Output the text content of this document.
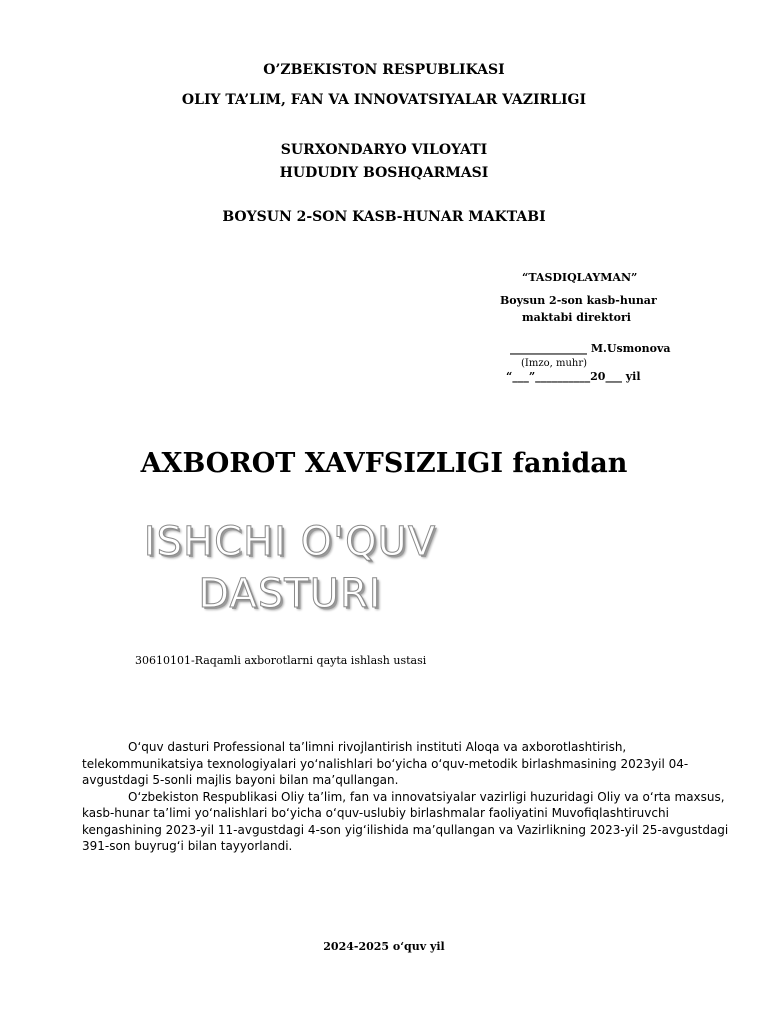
O’ZBEKISTON RESPUBLIKASI
OLIY TA’LIM, FAN VA INNOVATSIYALAR VAZIRLIGI
SURXONDARYO VILOYATI
HUDUDIY BOSHQARMASI
BOYSUN 2-SON KASB-HUNAR MAKTABI
“TASDIQLAYMAN”
Boysun 2-son kasb-hunar
maktabi direktori
______________ M.Usmonova
(Imzo, muhr)
“___”__________20___ yil
AXBOROT XAVFSIZLIGI fanidan
ISHCHI O'QUV
DASTURI
30610101-Raqamli axborotlarni qayta ishlash ustasi

O‘quv dasturi Professional ta’limni rivojlantirish instituti Aloqa va axborotlashtirish, telekommunikatsiya texnologiyalari yo‘nalishlari bo‘yicha o‘quv-metodik birlashmasining 2023yil 04-avgustdagi 5-sonli majlis bayoni bilan ma’qullangan.

O‘zbekiston Respublikasi Oliy ta’lim, fan va innovatsiyalar vazirligi huzuridagi Oliy va o‘rta maxsus, kasb-hunar ta’limi yo‘nalishlari bo‘yicha o‘quv-uslubiy birlashmalar faoliyatini Muvofiqlashtiruvchi kengashining 2023-yil 11-avgustdagi 4-son yig‘ilishida ma’qullangan va Vazirlikning 2023-yil 25-avgustdagi 391-son buyrug‘i bilan tayyorlandi.

2024-2025 o‘quv yil
